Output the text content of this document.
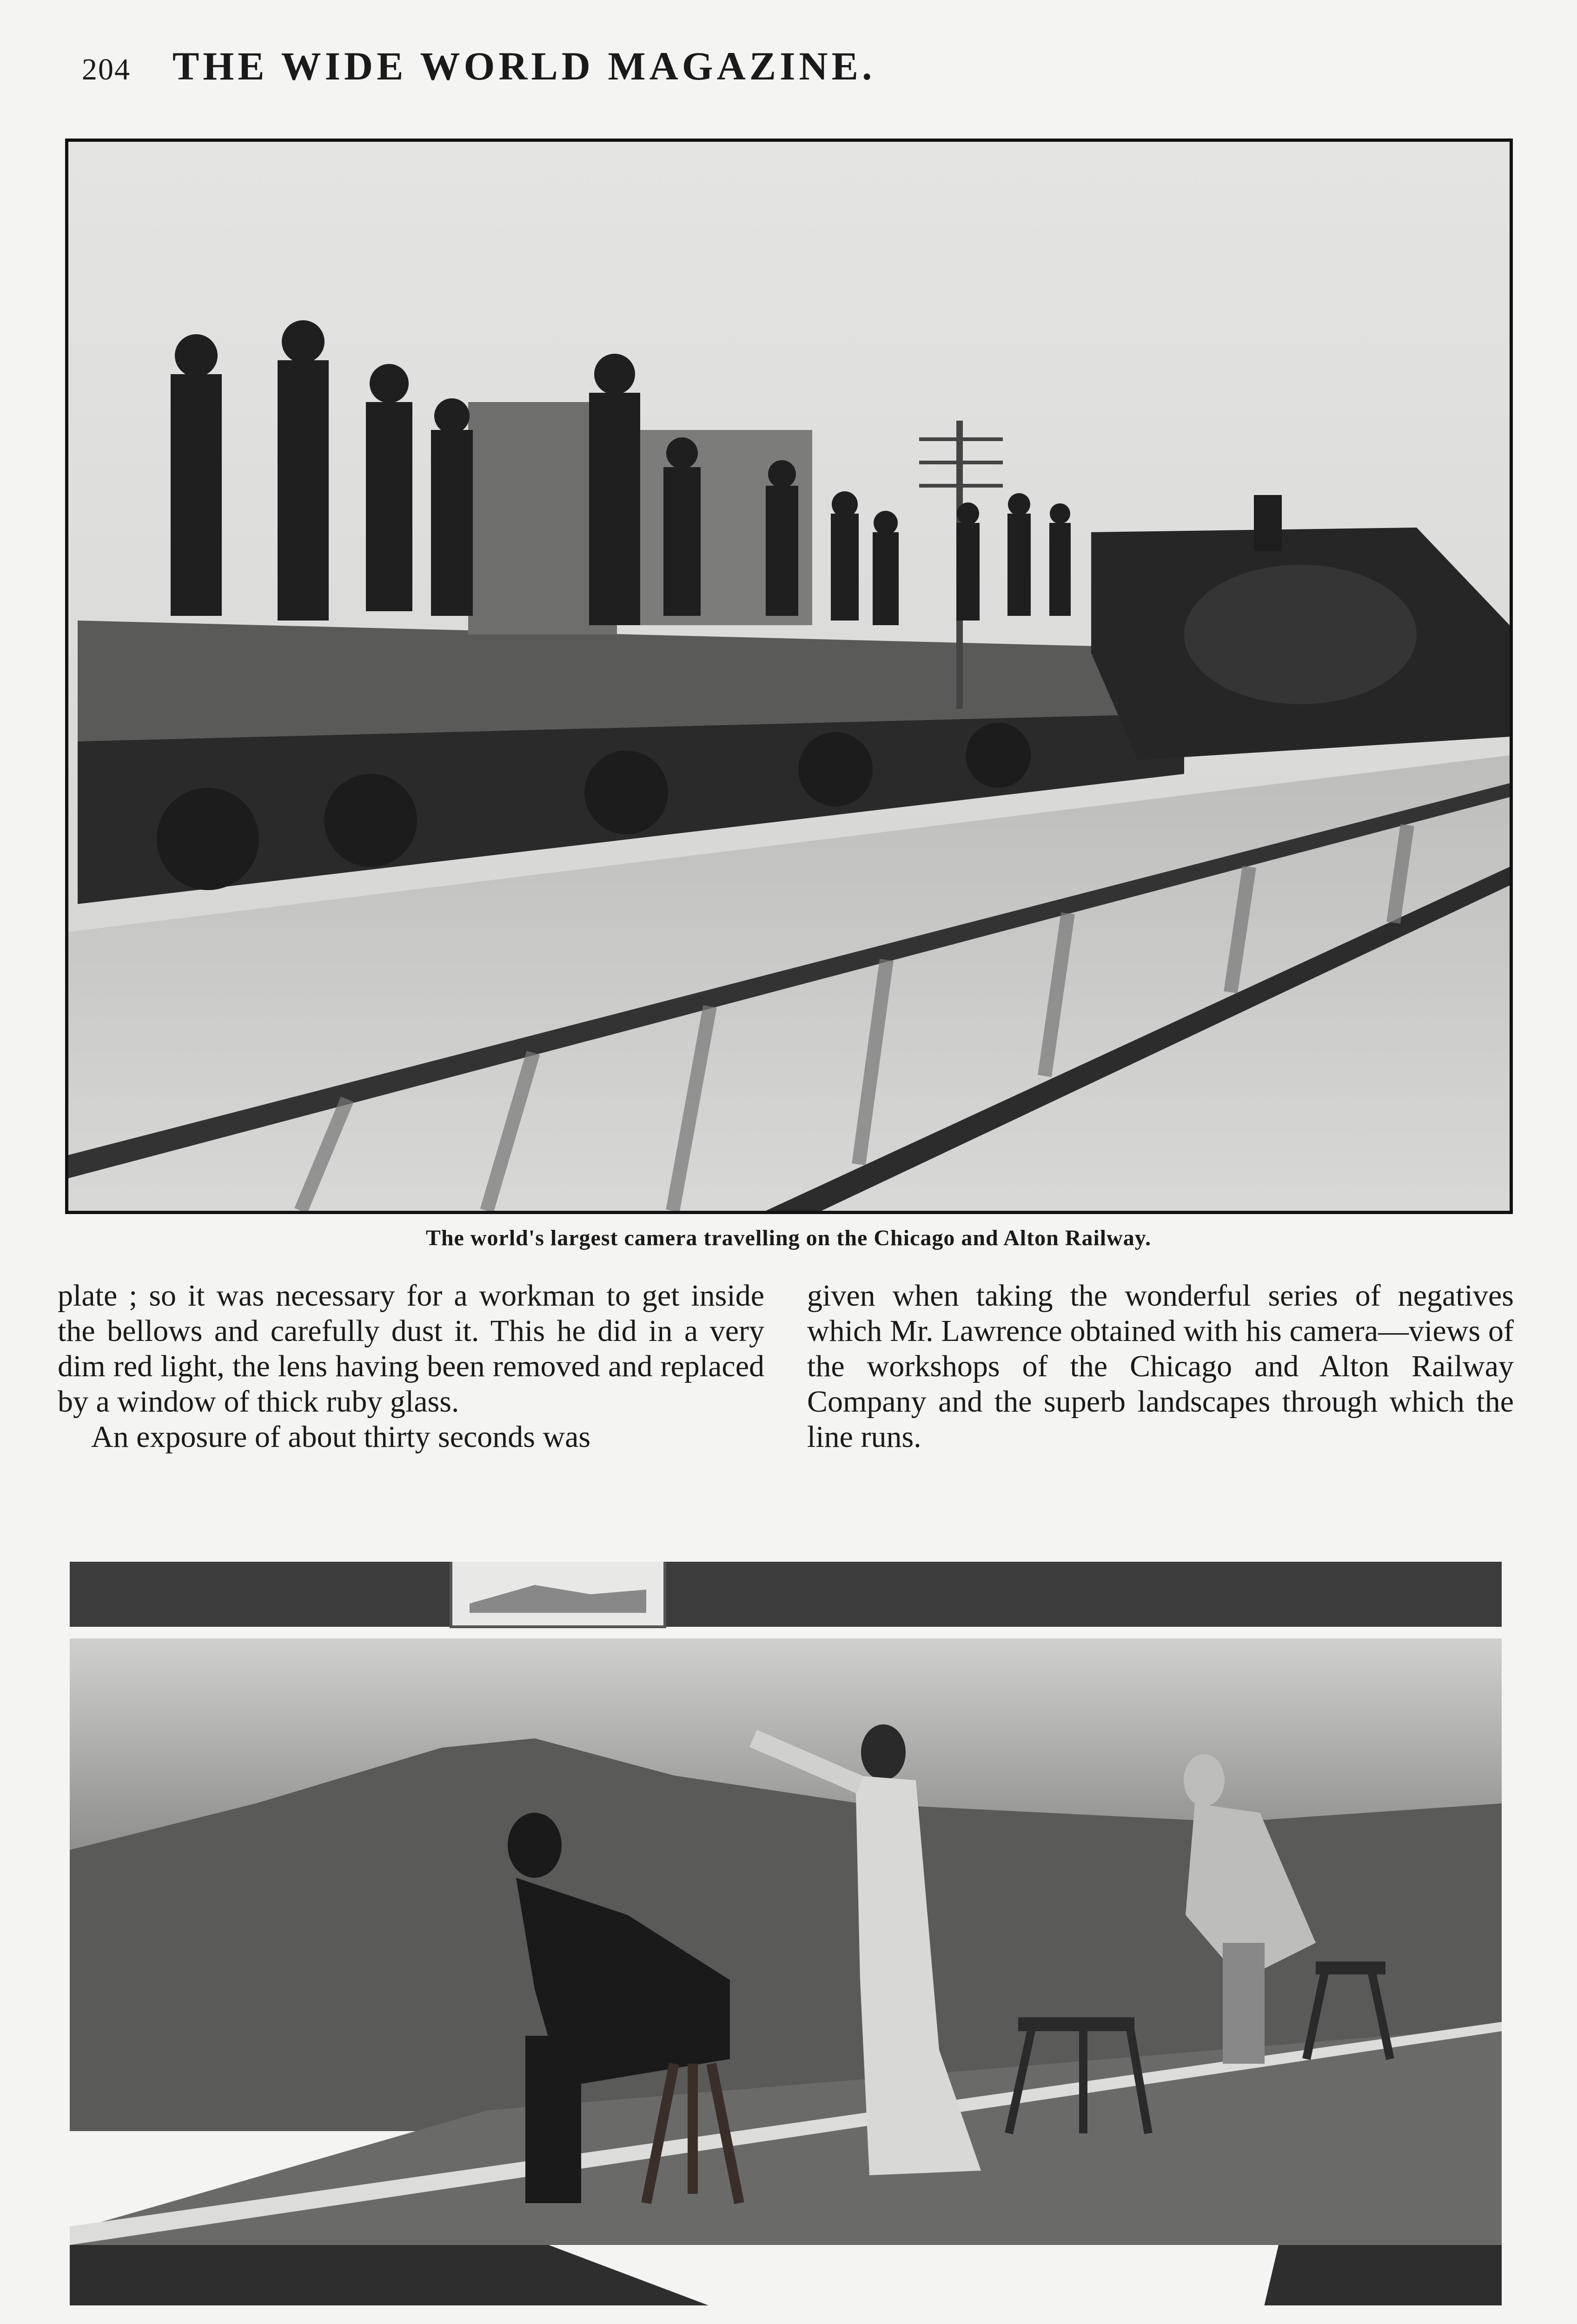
204 THE WIDE WORLD MAGAZINE.
The world's largest camera travelling on the Chicago and Alton Railway.

plate ; so it was necessary for a workman to get inside the bellows and carefully dust it. This he did in a very dim red light, the lens having been removed and replaced by a window of thick ruby glass.

An exposure of about thirty seconds was

given when taking the wonderful series of negatives which Mr. Lawrence obtained with his camera—views of the workshops of the Chicago and Alton Railway Company and the superb landscapes through which the line runs.
